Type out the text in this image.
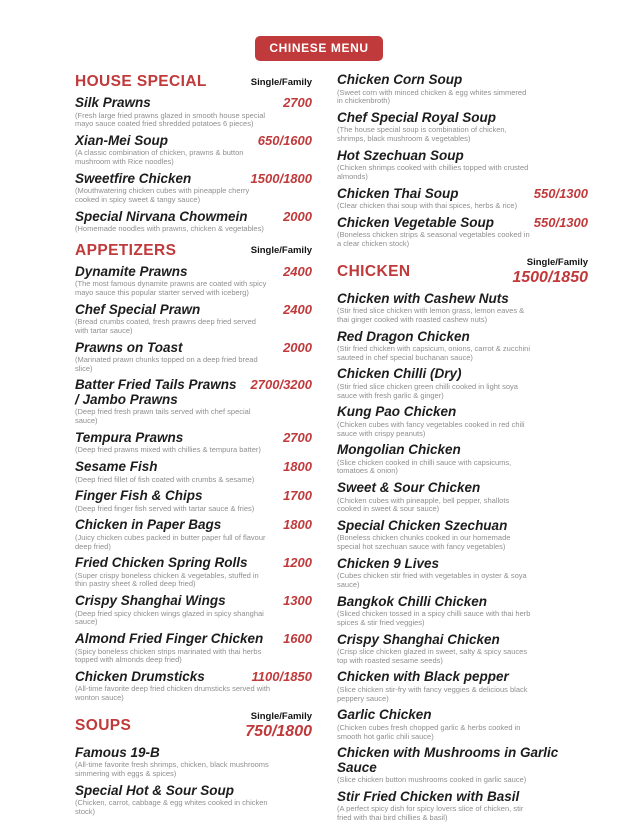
CHINESE MENU
HOUSE SPECIAL	Single/Family
Silk Prawns	2700

(Fresh large fried prawns glazed in smooth house special mayo sauce coated fried shredded potatoes 6 pieces)

Xian-Mei Soup	650/1600

(A classic combination of chicken, prawns & button mushroom with Rice noodles)

Sweetfire Chicken	1500/1800

(Mouthwatering chicken cubes with pineapple cherry cooked in spicy sweet & tangy sauce)

Special Nirvana Chowmein	2000

(Homemade noodles with prawns, chicken & vegetables)

APPETIZERS	Single/Family
Dynamite Prawns	2400

(The most famous dynamite prawns are coated with spicy mayo sauce this popular starter served with iceberg)

Chef Special Prawn	2400

(Bread crumbs coated, fresh prawns deep fried served with tartar sauce)

Prawns on Toast	2000

(Marinated prawn chunks topped on a deep fried bread slice)

Batter Fried Tails Prawns / Jambo Prawns
2700/3200

(Deep fried fresh prawn tails served with chef special sauce)

Tempura Prawns	2700

(Deep fried prawns mixed with chillies & tempura batter)

Sesame Fish	1800

(Deep fried fillet of fish coated with crumbs & sesame)

Finger Fish & Chips	1700

(Deep fried finger fish served with tartar sauce & fries)

Chicken in Paper Bags	1800

(Juicy chicken cubes packed in butter paper full of flavour deep fried)

Fried Chicken Spring Rolls	1200

(Super crispy boneless chicken & vegetables, stuffed in thin pastry sheet & rolled deep fried)

Crispy Shanghai Wings	1300

(Deep fried spicy chicken wings glazed in spicy shanghai sauce)

Almond Fried Finger Chicken	1600

(Spicy boneless chicken strips marinated with thai herbs topped with almonds deep fried)

Chicken Drumsticks	1100/1850

(All-time favorite deep fried chicken drumsticks served with wonton sauce)

SOUPS
Single/Family
750/1800
Famous 19-B

(All-time favorite fresh shrimps, chicken, black mushrooms simmering with eggs & spices)

Special Hot & Sour Soup

(Chicken, carrot, cabbage & egg whites cooked in chicken stock)

Chicken Corn Soup

(Sweet corn with minced chicken & egg whites simmered in chickenbroth)

Chef Special Royal Soup

(The house special soup is combination of chicken, shrimps, black mushroom & vegetables)

Hot Szechuan Soup

(Chicken shrimps cooked with chillies topped with crusted almonds)

Chicken Thai Soup	550/1300

(Clear chicken thai soup with thai spices, herbs & rice)

Chicken Vegetable Soup	550/1300

(Boneless chicken strips & seasonal vegetables cooked in a clear chicken stock)

CHICKEN
Single/Family
1500/1850
Chicken with Cashew Nuts

(Stir fried slice chicken with lemon grass, lemon eaves & thai ginger cooked with roasted cashew nuts)

Red Dragon Chicken

(Stir fried chicken with capsicum, onions, carrot & zucchini sauteed in chef special buchanan sauce)

Chicken Chilli (Dry)

(Stir fried slice chicken green chilli cooked in light soya sauce with fresh garlic & ginger)

Kung Pao Chicken

(Chicken cubes with fancy vegetables cooked in red chili sauce with crispy peanuts)

Mongolian Chicken

(Slice chicken cooked in chilli sauce with capsicums, tomatoes & onion)

Sweet & Sour Chicken

(Chicken cubes with pineapple, bell pepper, shallots cooked in sweet & sour sauce)

Special Chicken Szechuan

(Boneless chicken chunks cooked in our homemade special hot szechuan sauce with fancy vegetables)

Chicken 9 Lives

(Cubes chicken stir fried with vegetables in oyster & soya sauce)

Bangkok Chilli Chicken

(Sliced chicken tossed in a spicy chilli sauce with thai herb spices & stir fried veggies)

Crispy Shanghai Chicken

(Crisp slice chicken glazed in sweet, salty & spicy sauces top with roasted sesame seeds)

Chicken with Black pepper

(Slice chicken stir-fry with fancy veggies & delicious black peppery sauce)

Garlic Chicken

(Chicken cubes fresh chopped garlic & herbs cooked in smooth hot garlic chili sauce)

Chicken with Mushrooms in Garlic Sauce

(Slice chicken button mushrooms cooked in garlic sauce)

Stir Fried Chicken with Basil

(A perfect spicy dish for spicy lovers slice of chicken, stir fried with thai bird chillies & basil)
